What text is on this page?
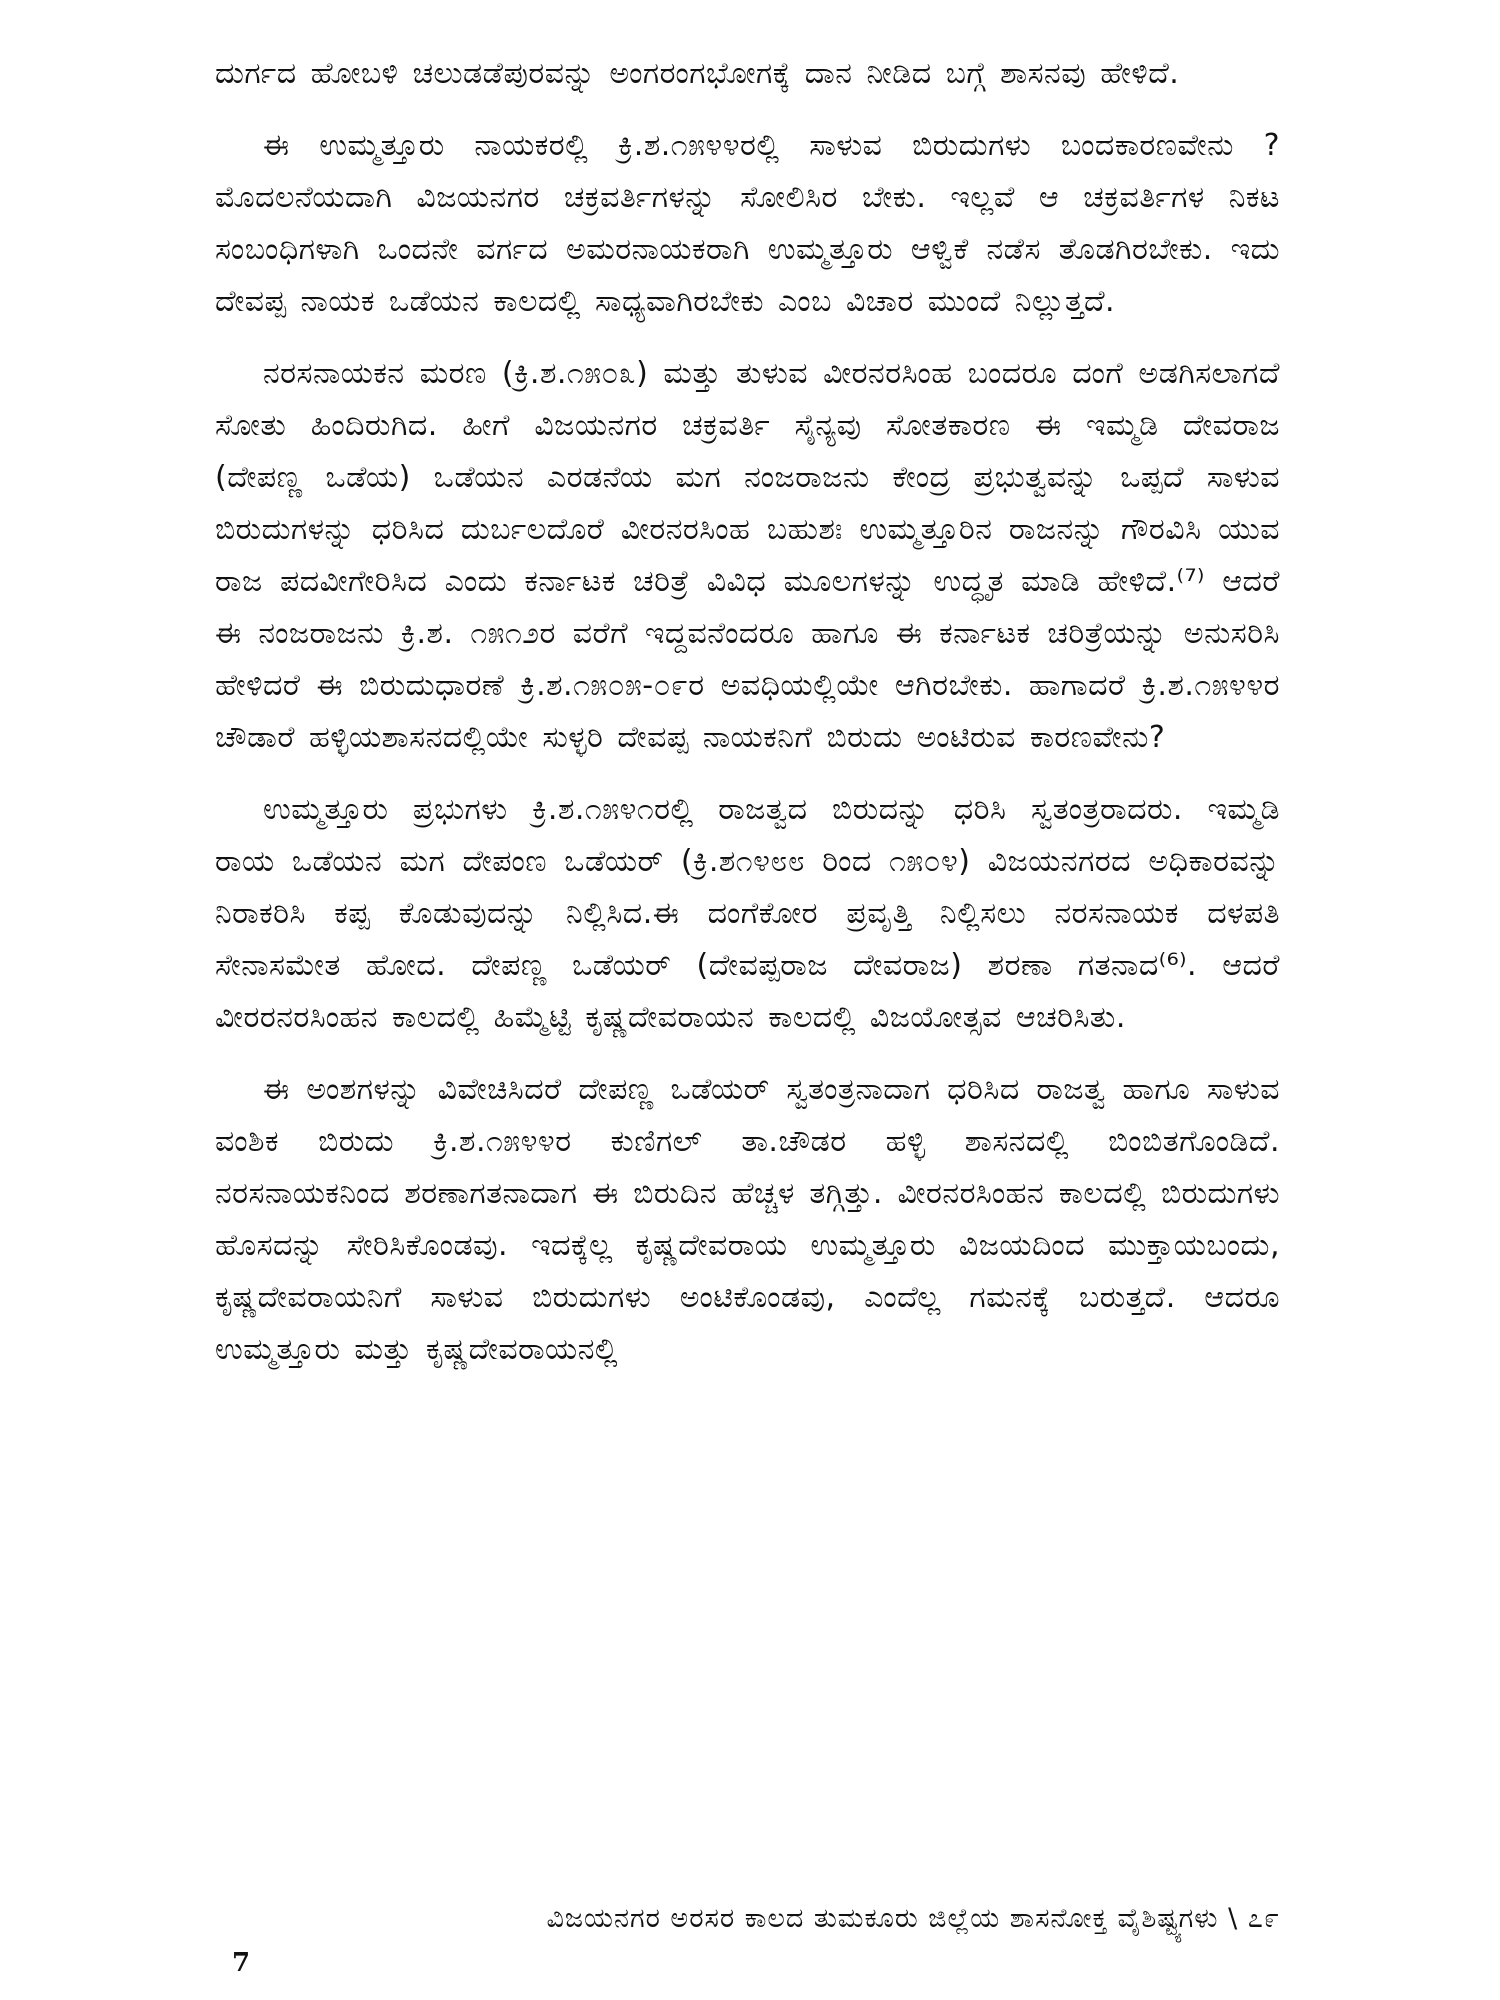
ದುರ್ಗದ ಹೋಬಳಿ ಚಲುಡಡೆಪುರವನ್ನು ಅಂಗರಂಗಭೋಗಕ್ಕೆ ದಾನ ನೀಡಿದ ಬಗ್ಗೆ ಶಾಸನವು ಹೇಳಿದೆ.

ಈ ಉಮ್ಮತ್ತೂರು ನಾಯಕರಲ್ಲಿ ಕ್ರಿ.ಶ.೧೫೪೪ರಲ್ಲಿ ಸಾಳುವ ಬಿರುದುಗಳು ಬಂದಕಾರಣವೇನು ? ಮೊದಲನೆಯದಾಗಿ ವಿಜಯನಗರ ಚಕ್ರವರ್ತಿಗಳನ್ನು ಸೋಲಿಸಿರ ಬೇಕು. ಇಲ್ಲವೆ ಆ ಚಕ್ರವರ್ತಿಗಳ ನಿಕಟ ಸಂಬಂಧಿಗಳಾಗಿ ಒಂದನೇ ವರ್ಗದ ಅಮರನಾಯಕರಾಗಿ ಉಮ್ಮತ್ತೂರು ಆಳ್ವಿಕೆ ನಡೆಸ ತೊಡಗಿರಬೇಕು. ಇದು ದೇವಪ್ಪ ನಾಯಕ ಒಡೆಯನ ಕಾಲದಲ್ಲಿ ಸಾಧ್ಯವಾಗಿರಬೇಕು ಎಂಬ ವಿಚಾರ ಮುಂದೆ ನಿಲ್ಲುತ್ತದೆ.

ನರಸನಾಯಕನ ಮರಣ (ಕ್ರಿ.ಶ.೧೫೦೩) ಮತ್ತು ತುಳುವ ವೀರನರಸಿಂಹ ಬಂದರೂ ದಂಗೆ ಅಡಗಿಸಲಾಗದೆ ಸೋತು ಹಿಂದಿರುಗಿದ. ಹೀಗೆ ವಿಜಯನಗರ ಚಕ್ರವರ್ತಿ ಸೈನ್ಯವು ಸೋತಕಾರಣ ಈ ಇಮ್ಮಡಿ ದೇವರಾಜ (ದೇಪಣ್ಣ ಒಡೆಯ) ಒಡೆಯನ ಎರಡನೆಯ ಮಗ ನಂಜರಾಜನು ಕೇಂದ್ರ ಪ್ರಭುತ್ವವನ್ನು ಒಪ್ಪದೆ ಸಾಳುವ ಬಿರುದುಗಳನ್ನು ಧರಿಸಿದ ದುರ್ಬಲದೊರೆ ವೀರನರಸಿಂಹ ಬಹುಶಃ ಉಮ್ಮತ್ತೂರಿನ ರಾಜನನ್ನು ಗೌರವಿಸಿ ಯುವ ರಾಜ ಪದವೀಗೇರಿಸಿದ ಎಂದು ಕರ್ನಾಟಕ ಚರಿತ್ರೆ ವಿವಿಧ ಮೂಲಗಳನ್ನು ಉದ್ಧೃತ ಮಾಡಿ ಹೇಳಿದೆ.⁽⁷⁾ ಆದರೆ ಈ ನಂಜರಾಜನು ಕ್ರಿ.ಶ. ೧೫೧೨ರ ವರೆಗೆ ಇದ್ದವನೆಂದರೂ ಹಾಗೂ ಈ ಕರ್ನಾಟಕ ಚರಿತ್ರೆಯನ್ನು ಅನುಸರಿಸಿ ಹೇಳಿದರೆ ಈ ಬಿರುದುಧಾರಣೆ ಕ್ರಿ.ಶ.೧೫೦೫-೦೯ರ ಅವಧಿಯಲ್ಲಿಯೇ ಆಗಿರಬೇಕು. ಹಾಗಾದರೆ ಕ್ರಿ.ಶ.೧೫೪೪ರ ಚೌಡಾರೆ ಹಳ್ಳಿಯಶಾಸನದಲ್ಲಿಯೇ ಸುಳ್ಳರಿ ದೇವಪ್ಪ ನಾಯಕನಿಗೆ ಬಿರುದು ಅಂಟಿರುವ ಕಾರಣವೇನು?

ಉಮ್ಮತ್ತೂರು ಪ್ರಭುಗಳು ಕ್ರಿ.ಶ.೧೫೪೧ರಲ್ಲಿ ರಾಜತ್ವದ ಬಿರುದನ್ನು ಧರಿಸಿ ಸ್ವತಂತ್ರರಾದರು. ಇಮ್ಮಡಿ ರಾಯ ಒಡೆಯನ ಮಗ ದೇಪಂಣ ಒಡೆಯರ್ (ಕ್ರಿ.ಶ೧೪೮೮ ರಿಂದ ೧೫೦೪) ವಿಜಯನಗರದ ಅಧಿಕಾರವನ್ನು ನಿರಾಕರಿಸಿ ಕಪ್ಪ ಕೊಡುವುದನ್ನು ನಿಲ್ಲಿಸಿದ.ಈ ದಂಗೆಕೋರ ಪ್ರವೃತ್ತಿ ನಿಲ್ಲಿಸಲು ನರಸನಾಯಕ ದಳಪತಿ ಸೇನಾಸಮೇತ ಹೋದ. ದೇಪಣ್ಣ ಒಡೆಯರ್ (ದೇವಪ್ಪರಾಜ ದೇವರಾಜ) ಶರಣಾ ಗತನಾದ⁽⁶⁾. ಆದರೆ ವೀರರನರಸಿಂಹನ ಕಾಲದಲ್ಲಿ ಹಿಮ್ಮೆಟ್ಟಿ ಕೃಷ್ಣದೇವರಾಯನ ಕಾಲದಲ್ಲಿ ವಿಜಯೋತ್ಸವ ಆಚರಿಸಿತು.

ಈ ಅಂಶಗಳನ್ನು ವಿವೇಚಿಸಿದರೆ ದೇಪಣ್ಣ ಒಡೆಯರ್ ಸ್ವತಂತ್ರನಾದಾಗ ಧರಿಸಿದ ರಾಜತ್ವ ಹಾಗೂ ಸಾಳುವ ವಂಶಿಕ ಬಿರುದು ಕ್ರಿ.ಶ.೧೫೪೪ರ ಕುಣಿಗಲ್ ತಾ.ಚೌಡರ ಹಳ್ಳಿ ಶಾಸನದಲ್ಲಿ ಬಿಂಬಿತಗೊಂಡಿದೆ. ನರಸನಾಯಕನಿಂದ ಶರಣಾಗತನಾದಾಗ ಈ ಬಿರುದಿನ ಹೆಚ್ಚಳ ತಗ್ಗಿತ್ತು. ವೀರನರಸಿಂಹನ ಕಾಲದಲ್ಲಿ ಬಿರುದುಗಳು ಹೊಸದನ್ನು ಸೇರಿಸಿಕೊಂಡವು. ಇದಕ್ಕೆಲ್ಲ ಕೃಷ್ಣದೇವರಾಯ ಉಮ್ಮತ್ತೂರು ವಿಜಯದಿಂದ ಮುಕ್ತಾಯಬಂದು, ಕೃಷ್ಣದೇವರಾಯನಿಗೆ ಸಾಳುವ ಬಿರುದುಗಳು ಅಂಟಿಕೊಂಡವು, ಎಂದೆಲ್ಲ ಗಮನಕ್ಕೆ ಬರುತ್ತದೆ. ಆದರೂ ಉಮ್ಮತ್ತೂರು ಮತ್ತು ಕೃಷ್ಣದೇವರಾಯನಲ್ಲಿ

ವಿಜಯನಗರ ಅರಸರ ಕಾಲದ ತುಮಕೂರು ಜಿಲ್ಲೆಯ ಶಾಸನೋಕ್ತ ವೈಶಿಷ್ಟ್ಯಗಳು \ ೭೯
7
